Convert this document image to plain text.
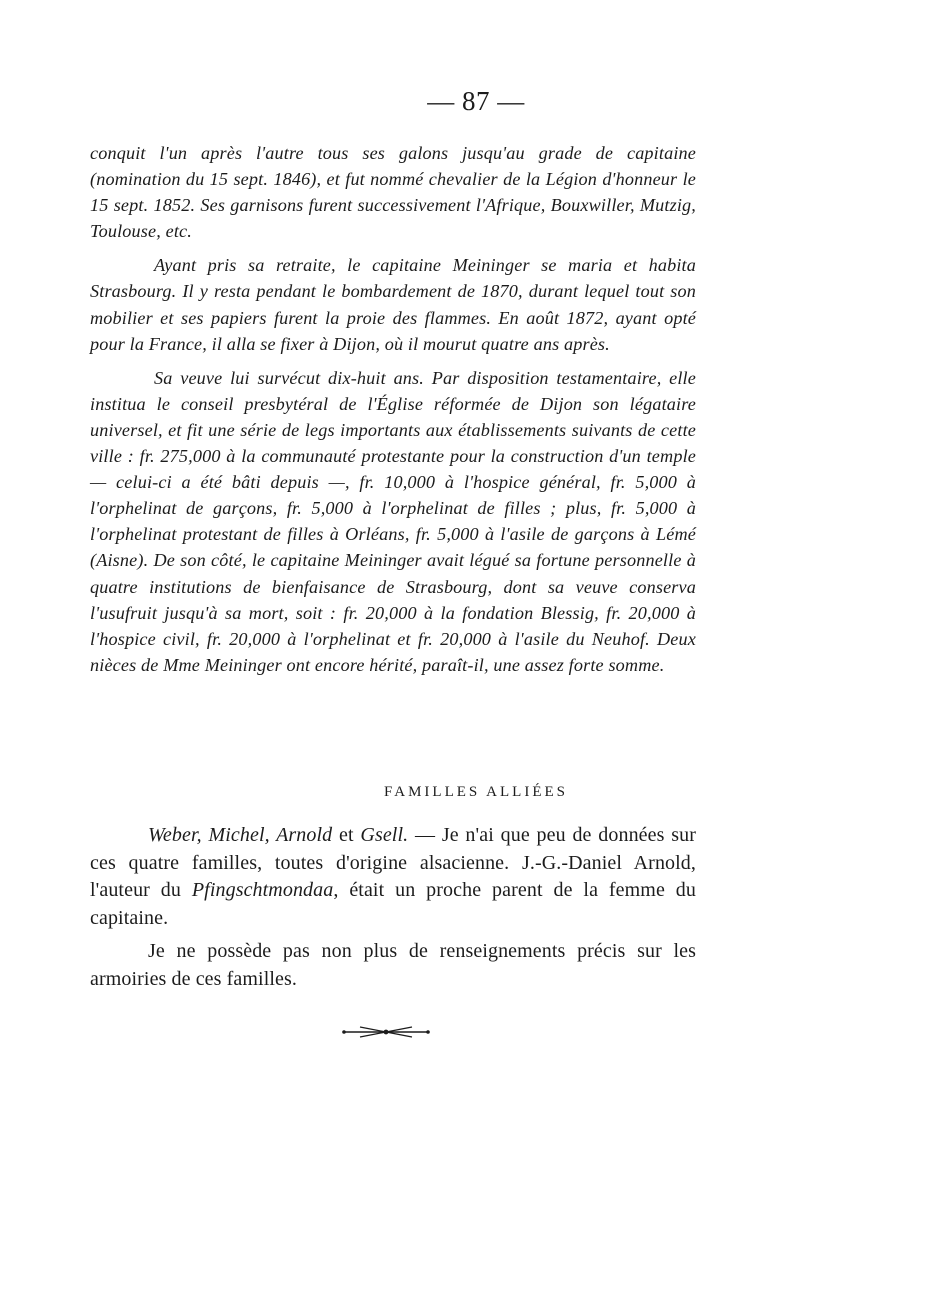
— 87 —

conquit l'un après l'autre tous ses galons jusqu'au grade de capitaine (nomination du 15 sept. 1846), et fut nommé chevalier de la Légion d'honneur le 15 sept. 1852. Ses garnisons furent successivement l'Afrique, Bouxwiller, Mutzig, Toulouse, etc.

Ayant pris sa retraite, le capitaine Meininger se maria et habita Strasbourg. Il y resta pendant le bombardement de 1870, durant lequel tout son mobilier et ses papiers furent la proie des flammes. En août 1872, ayant opté pour la France, il alla se fixer à Dijon, où il mourut quatre ans après.

Sa veuve lui survécut dix-huit ans. Par disposition testamentaire, elle institua le conseil presbytéral de l'Église réformée de Dijon son légataire universel, et fit une série de legs importants aux établissements suivants de cette ville : fr. 275,000 à la communauté protestante pour la construction d'un temple — celui-ci a été bâti depuis —, fr. 10,000 à l'hospice général, fr. 5,000 à l'orphelinat de garçons, fr. 5,000 à l'orphelinat de filles ; plus, fr. 5,000 à l'orphelinat protestant de filles à Orléans, fr. 5,000 à l'asile de garçons à Lémé (Aisne). De son côté, le capitaine Meininger avait légué sa fortune personnelle à quatre institutions de bienfaisance de Strasbourg, dont sa veuve conserva l'usufruit jusqu'à sa mort, soit : fr. 20,000 à la fondation Blessig, fr. 20,000 à l'hospice civil, fr. 20,000 à l'orphelinat et fr. 20,000 à l'asile du Neuhof. Deux nièces de Mme Meininger ont encore hérité, paraît-il, une assez forte somme.

FAMILLES ALLIÉES

Weber, Michel, Arnold et Gsell. — Je n'ai que peu de données sur ces quatre familles, toutes d'origine alsacienne. J.-G.-Daniel Arnold, l'auteur du Pfingschtmondaa, était un proche parent de la femme du capitaine.

Je ne possède pas non plus de renseignements précis sur les armoiries de ces familles.
